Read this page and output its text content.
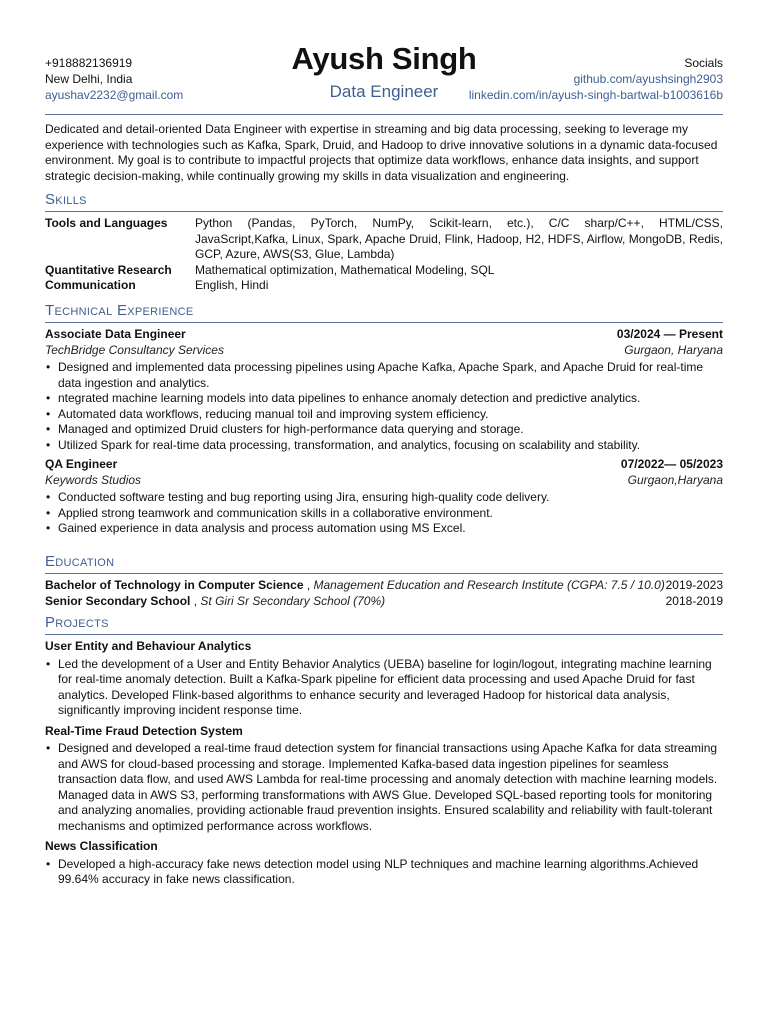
+918882136919
New Delhi, India
ayushav2232@gmail.com
Ayush Singh
Data Engineer
Socials
github.com/ayushsingh2903
linkedin.com/in/ayush-singh-bartwal-b1003616b
Dedicated and detail-oriented Data Engineer with expertise in streaming and big data processing, seeking to leverage my experience with technologies such as Kafka, Spark, Druid, and Hadoop to drive innovative solutions in a dynamic data-focused environment. My goal is to contribute to impactful projects that optimize data workflows, enhance data insights, and support strategic decision-making, while continually growing my skills in data visualization and engineering.
Skills
Tools and Languages	Python (Pandas, PyTorch, NumPy, Scikit-learn, etc.), C/C sharp/C++, HTML/CSS, JavaScript,Kafka, Linux, Spark, Apache Druid, Flink, Hadoop, H2, HDFS, Airflow, MongoDB, Redis, GCP, Azure, AWS(S3, Glue, Lambda)
Quantitative Research	Mathematical optimization, Mathematical Modeling, SQL
Communication	English, Hindi
Technical Experience
Associate Data Engineer	03/2024 — Present
TechBridge Consultancy Services	Gurgaon, Haryana
• Designed and implemented data processing pipelines using Apache Kafka, Apache Spark, and Apache Druid for real-time data ingestion and analytics.
• ntegrated machine learning models into data pipelines to enhance anomaly detection and predictive analytics.
• Automated data workflows, reducing manual toil and improving system efficiency.
• Managed and optimized Druid clusters for high-performance data querying and storage.
• Utilized Spark for real-time data processing, transformation, and analytics, focusing on scalability and stability.
QA Engineer	07/2022— 05/2023
Keywords Studios	Gurgaon,Haryana
• Conducted software testing and bug reporting using Jira, ensuring high-quality code delivery.
• Applied strong teamwork and communication skills in a collaborative environment.
• Gained experience in data analysis and process automation using MS Excel.
Education
Bachelor of Technology in Computer Science , Management Education and Research Institute (CGPA: 7.5 / 10.0) 2019-2023
Senior Secondary School , St Giri Sr Secondary School (70%)	2018-2019
Projects
User Entity and Behaviour Analytics
• Led the development of a User and Entity Behavior Analytics (UEBA) baseline for login/logout, integrating machine learning for real-time anomaly detection. Built a Kafka-Spark pipeline for efficient data processing and used Apache Druid for fast analytics. Developed Flink-based algorithms to enhance security and leveraged Hadoop for historical data analysis, significantly improving incident response time.
Real-Time Fraud Detection System
• Designed and developed a real-time fraud detection system for financial transactions using Apache Kafka for data streaming and AWS for cloud-based processing and storage. Implemented Kafka-based data ingestion pipelines for seamless transaction data flow, and used AWS Lambda for real-time processing and anomaly detection with machine learning models. Managed data in AWS S3, performing transformations with AWS Glue. Developed SQL-based reporting tools for monitoring and analyzing anomalies, providing actionable fraud prevention insights. Ensured scalability and reliability with fault-tolerant mechanisms and optimized performance across workflows.
News Classification
• Developed a high-accuracy fake news detection model using NLP techniques and machine learning algorithms.Achieved 99.64% accuracy in fake news classification.
